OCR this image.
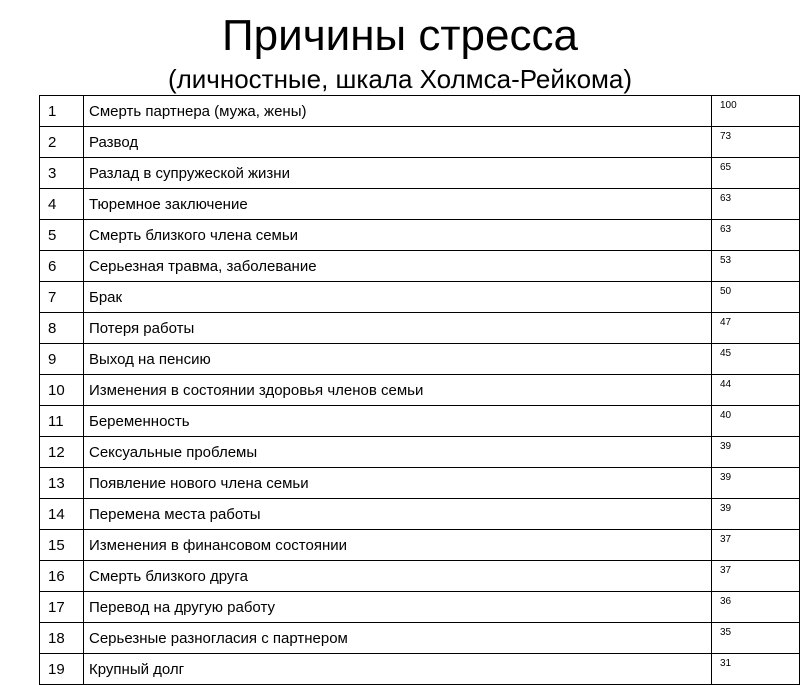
Причины стресса
(личностные, шкала Холмса-Рейкома)
1	Смерть партнера (мужа, жены)	100
2	Развод	73
3	Разлад в супружеской жизни	65
4	Тюремное заключение	63
5	Смерть близкого члена семьи	63
6	Серьезная травма, заболевание	53
7	Брак	50
8	Потеря работы	47
9	Выход на пенсию	45
10	Изменения в состоянии здоровья членов семьи	44
11	Беременность	40
12	Сексуальные проблемы	39
13	Появление нового члена семьи	39
14	Перемена места работы	39
15	Изменения в финансовом состоянии	37
16	Смерть близкого друга	37
17	Перевод на другую работу	36
18	Серьезные разногласия с партнером	35
19	Крупный долг	31
